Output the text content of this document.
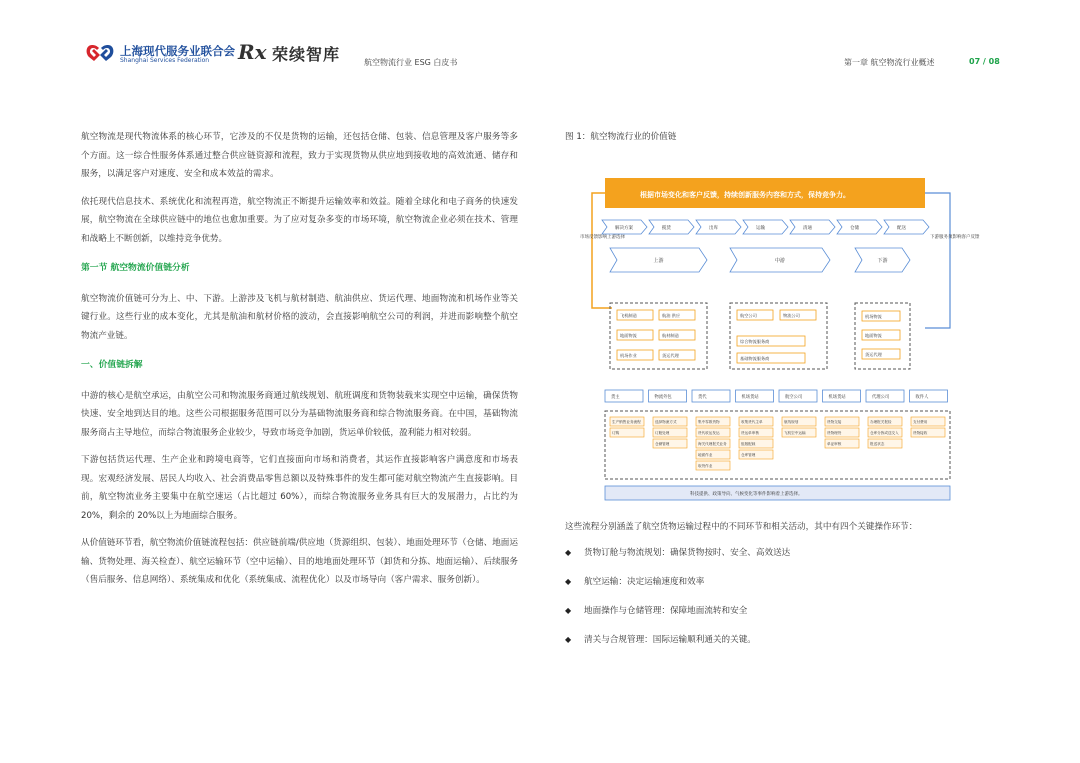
上海现代服务业联合会
Shanghai Services Federation Rx 荣续智库	航空物流行业 ESG 白皮书	第一章 航空物流行业概述	07 / 08

航空物流是现代物流体系的核心环节，它涉及的不仅是货物的运输，还包括仓储、包装、信息管理及客户服务等多个方面。这一综合性服务体系通过整合供应链资源和流程，致力于实现货物从供应地到接收地的高效流通、储存和服务，以满足客户对速度、安全和成本效益的需求。

依托现代信息技术、系统优化和流程再造，航空物流正不断提升运输效率和效益。随着全球化和电子商务的快速发展，航空物流在全球供应链中的地位也愈加重要。为了应对复杂多变的市场环境，航空物流企业必须在技术、管理和战略上不断创新，以维持竞争优势。

第一节 航空物流价值链分析

航空物流价值链可分为上、中、下游。上游涉及飞机与航材制造、航油供应、货运代理、地面物流和机场作业等关键行业。这些行业的成本变化，尤其是航油和航材价格的波动，会直接影响航空公司的利润，并进而影响整个航空物流产业链。

一、价值链拆解

中游的核心是航空承运，由航空公司和物流服务商通过航线规划、航班调度和货物装载来实现空中运输，确保货物快速、安全地到达目的地。这些公司根据服务范围可以分为基础物流服务商和综合物流服务商。在中国，基础物流服务商占主导地位，而综合物流服务企业较少，导致市场竞争加剧，货运单价较低，盈利能力相对较弱。

下游包括货运代理、生产企业和跨境电商等，它们直接面向市场和消费者，其运作直接影响客户满意度和市场表现。宏观经济发展、居民人均收入、社会消费品零售总额以及特殊事件的发生都可能对航空物流产生直接影响。目前，航空物流业务主要集中在航空速运（占比超过 60%），而综合物流服务业务具有巨大的发展潜力，占比约为 20%，剩余的 20%以上为地面综合服务。

从价值链环节看，航空物流价值链流程包括：供应链前端/供应地（货源组织、包装）、地面处理环节（仓储、地面运输、货物处理、海关检查）、航空运输环节（空中运输）、目的地地面处理环节（卸货和分拣、地面运输）、后续服务（售后服务、信息网络）、系统集成和优化（系统集成、流程优化）以及市场导向（客户需求、服务创新）。

图 1：航空物流行业的价值链
根据市场变化和客户反馈，持续创新服务内容和方式，保持竞争力。
市场反馈影响上游选择	下游服务须影响客户反馈
解决方案	揽货	出库	运输	清通	仓储	配送
上游	中游	下游
飞机制造	航油 供应
地面物流	航材制造
机场作业	货运代理
航空公司	物流公司
综合物流服务商
基础物流服务商
机场物流
地面物流
货运代理
货主	物流外包	货代	机场货站	航空公司	机场货站	代理公司	收件人
生产销售业务流程
订购
选择物流方式
订舱处理
仓储管理
集中零散货物
货代收运发运
海关代理报关业务
地面作业
取货作业
收集货代主单
货运单审核
组版配载
仓库管理
航线规划
飞机空中运输
货物交接
货物理货
单证审核
办理报关报检
仓库分拣或送交入
报送状态
支付费用
货物接收
科技提供、政策导向、气候变化等事件影响着上游选择。
这些流程分别涵盖了航空货物运输过程中的不同环节和相关活动，其中有四个关键操作环节：
◆ 货物订舱与物流规划：确保货物按时、安全、高效送达
◆ 航空运输：决定运输速度和效率
◆ 地面操作与仓储管理：保障地面流转和安全
◆ 清关与合规管理：国际运输顺利通关的关键。
